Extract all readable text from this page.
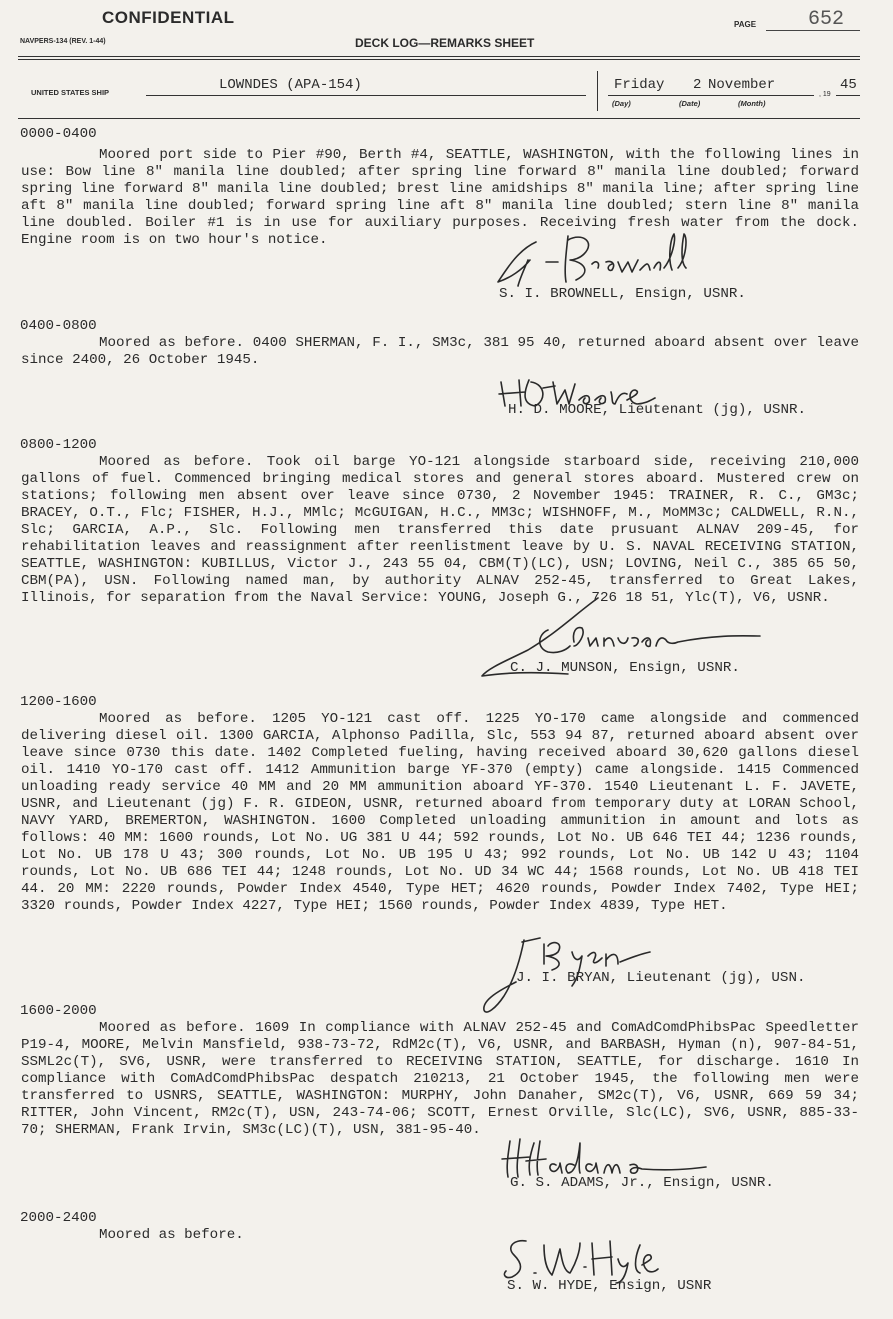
CONFIDENTIAL
NAVPERS-134 (REV. 1-44)	DECK LOG—REMARKS SHEET
PAGE	652
UNITED STATES SHIP	LOWNDES (APA-154)	Friday 2 November
, 19
45
(Day)	(Date)	(Month)
0000-0400

Moored port side to Pier #90, Berth #4, SEATTLE, WASHINGTON, with the following lines in use: Bow line 8" manila line doubled; after spring line forward 8" manila line doubled; forward spring line forward 8" manila line doubled; brest line amidships 8" manila line; after spring line aft 8" manila line doubled; forward spring line aft 8" manila line doubled; stern line 8" manila line doubled. Boiler #1 is in use for auxiliary purposes. Receiving fresh water from the dock. Engine room is on two hour's notice.

S. I. BROWNELL, Ensign, USNR.
0400-0800

Moored as before. 0400 SHERMAN, F. I., SM3c, 381 95 40, returned aboard absent over leave since 2400, 26 October 1945.

H. D. MOORE, Lieutenant (jg), USNR.
0800-1200

Moored as before. Took oil barge YO-121 alongside starboard side, receiving 210,000 gallons of fuel. Commenced bringing medical stores and general stores aboard. Mustered crew on stations; following men absent over leave since 0730, 2 November 1945: TRAINER, R. C., GM3c; BRACEY, O.T., Flc; FISHER, H.J., MMlc; McGUIGAN, H.C., MM3c; WISHNOFF, M., MoMM3c; CALDWELL, R.N., Slc; GARCIA, A.P., Slc. Following men transferred this date prusuant ALNAV 209-45, for rehabilitation leaves and reassignment after reenlistment leave by U. S. NAVAL RECEIVING STATION, SEATTLE, WASHINGTON: KUBILLUS, Victor J., 243 55 04, CBM(T)(LC), USN; LOVING, Neil C., 385 65 50, CBM(PA), USN. Following named man, by authority ALNAV 252-45, transferred to Great Lakes, Illinois, for separation from the Naval Service: YOUNG, Joseph G., 726 18 51, Ylc(T), V6, USNR.

C. J. MUNSON, Ensign, USNR.
1200-1600

Moored as before. 1205 YO-121 cast off. 1225 YO-170 came alongside and commenced delivering diesel oil. 1300 GARCIA, Alphonso Padilla, Slc, 553 94 87, returned aboard absent over leave since 0730 this date. 1402 Completed fueling, having received aboard 30,620 gallons diesel oil. 1410 YO-170 cast off. 1412 Ammunition barge YF-370 (empty) came alongside. 1415 Commenced unloading ready service 40 MM and 20 MM ammunition aboard YF-370. 1540 Lieutenant L. F. JAVETE, USNR, and Lieutenant (jg) F. R. GIDEON, USNR, returned aboard from temporary duty at LORAN School, NAVY YARD, BREMERTON, WASHINGTON. 1600 Completed unloading ammunition in amount and lots as follows: 40 MM: 1600 rounds, Lot No. UG 381 U 44; 592 rounds, Lot No. UB 646 TEI 44; 1236 rounds, Lot No. UB 178 U 43; 300 rounds, Lot No. UB 195 U 43; 992 rounds, Lot No. UB 142 U 43; 1104 rounds, Lot No. UB 686 TEI 44; 1248 rounds, Lot No. UD 34 WC 44; 1568 rounds, Lot No. UB 418 TEI 44. 20 MM: 2220 rounds, Powder Index 4540, Type HET; 4620 rounds, Powder Index 7402, Type HEI; 3320 rounds, Powder Index 4227, Type HEI; 1560 rounds, Powder Index 4839, Type HET.

J. I. BRYAN, Lieutenant (jg), USN.
1600-2000

Moored as before. 1609 In compliance with ALNAV 252-45 and ComAdComdPhibsPac Speedletter P19-4, MOORE, Melvin Mansfield, 938-73-72, RdM2c(T), V6, USNR, and BARBASH, Hyman (n), 907-84-51, SSML2c(T), SV6, USNR, were transferred to RECEIVING STATION, SEATTLE, for discharge. 1610 In compliance with ComAdComdPhibsPac despatch 210213, 21 October 1945, the following men were transferred to USNRS, SEATTLE, WASHINGTON: MURPHY, John Danaher, SM2c(T), V6, USNR, 669 59 34; RITTER, John Vincent, RM2c(T), USN, 243-74-06; SCOTT, Ernest Orville, Slc(LC), SV6, USNR, 885-33-70; SHERMAN, Frank Irvin, SM3c(LC)(T), USN, 381-95-40.

G. S. ADAMS, Jr., Ensign, USNR.
2000-2400

Moored as before.

S. W. HYDE, Ensign, USNR
